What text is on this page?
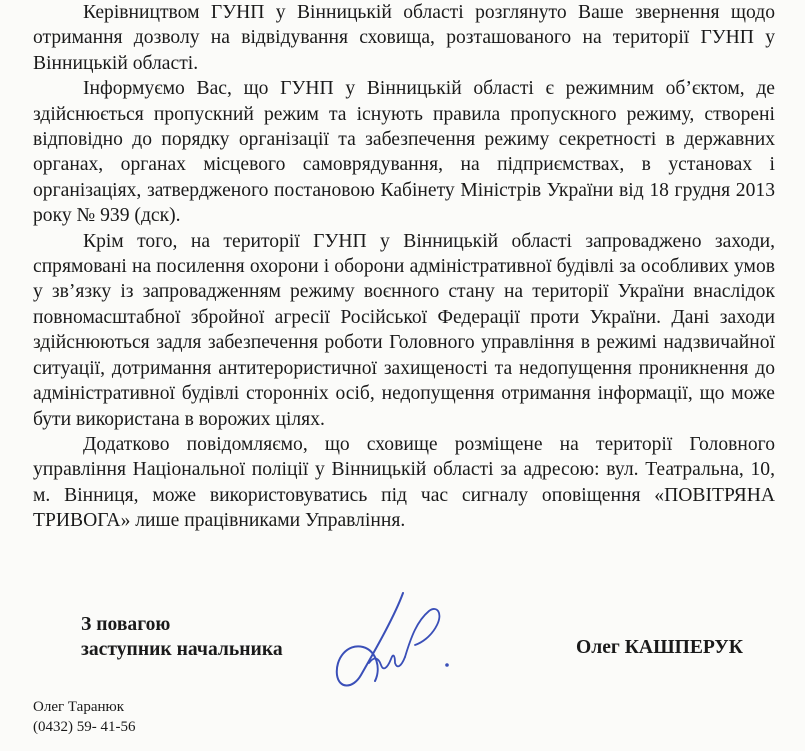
Керівництвом ГУНП у Вінницькій області розглянуто Ваше звернення щодо отримання дозволу на відвідування сховища, розташованого на території ГУНП у Вінницькій області.

Інформуємо Вас, що ГУНП у Вінницькій області є режимним об’єктом, де здійснюється пропускний режим та існують правила пропускного режиму, створені відповідно до порядку організації та забезпечення режиму секретності в державних органах, органах місцевого самоврядування, на підприємствах, в установах і організаціях, затвердженого постановою Кабінету Міністрів України від 18 грудня 2013 року № 939 (дск).

Крім того, на території ГУНП у Вінницькій області запроваджено заходи, спрямовані на посилення охорони і оборони адміністративної будівлі за особливих умов у зв’язку із запровадженням режиму воєнного стану на території України внаслідок повномасштабної збройної агресії Російської Федерації проти України. Дані заходи здійснюються задля забезпечення роботи Головного управління в режимі надзвичайної ситуації, дотримання антитерористичної захищеності та недопущення проникнення до адміністративної будівлі сторонніх осіб, недопущення отримання інформації, що може бути використана в ворожих цілях.

Додатково повідомляємо, що сховище розміщене на території Головного управління Національної поліції у Вінницькій області за адресою: вул. Театральна, 10, м. Вінниця, може використовуватись під час сигналу оповіщення «ПОВІТРЯНА ТРИВОГА» лише працівниками Управління.

З повагою
заступник начальника	Олег КАШПЕРУК
Олег Таранюк
(0432) 59- 41-56
